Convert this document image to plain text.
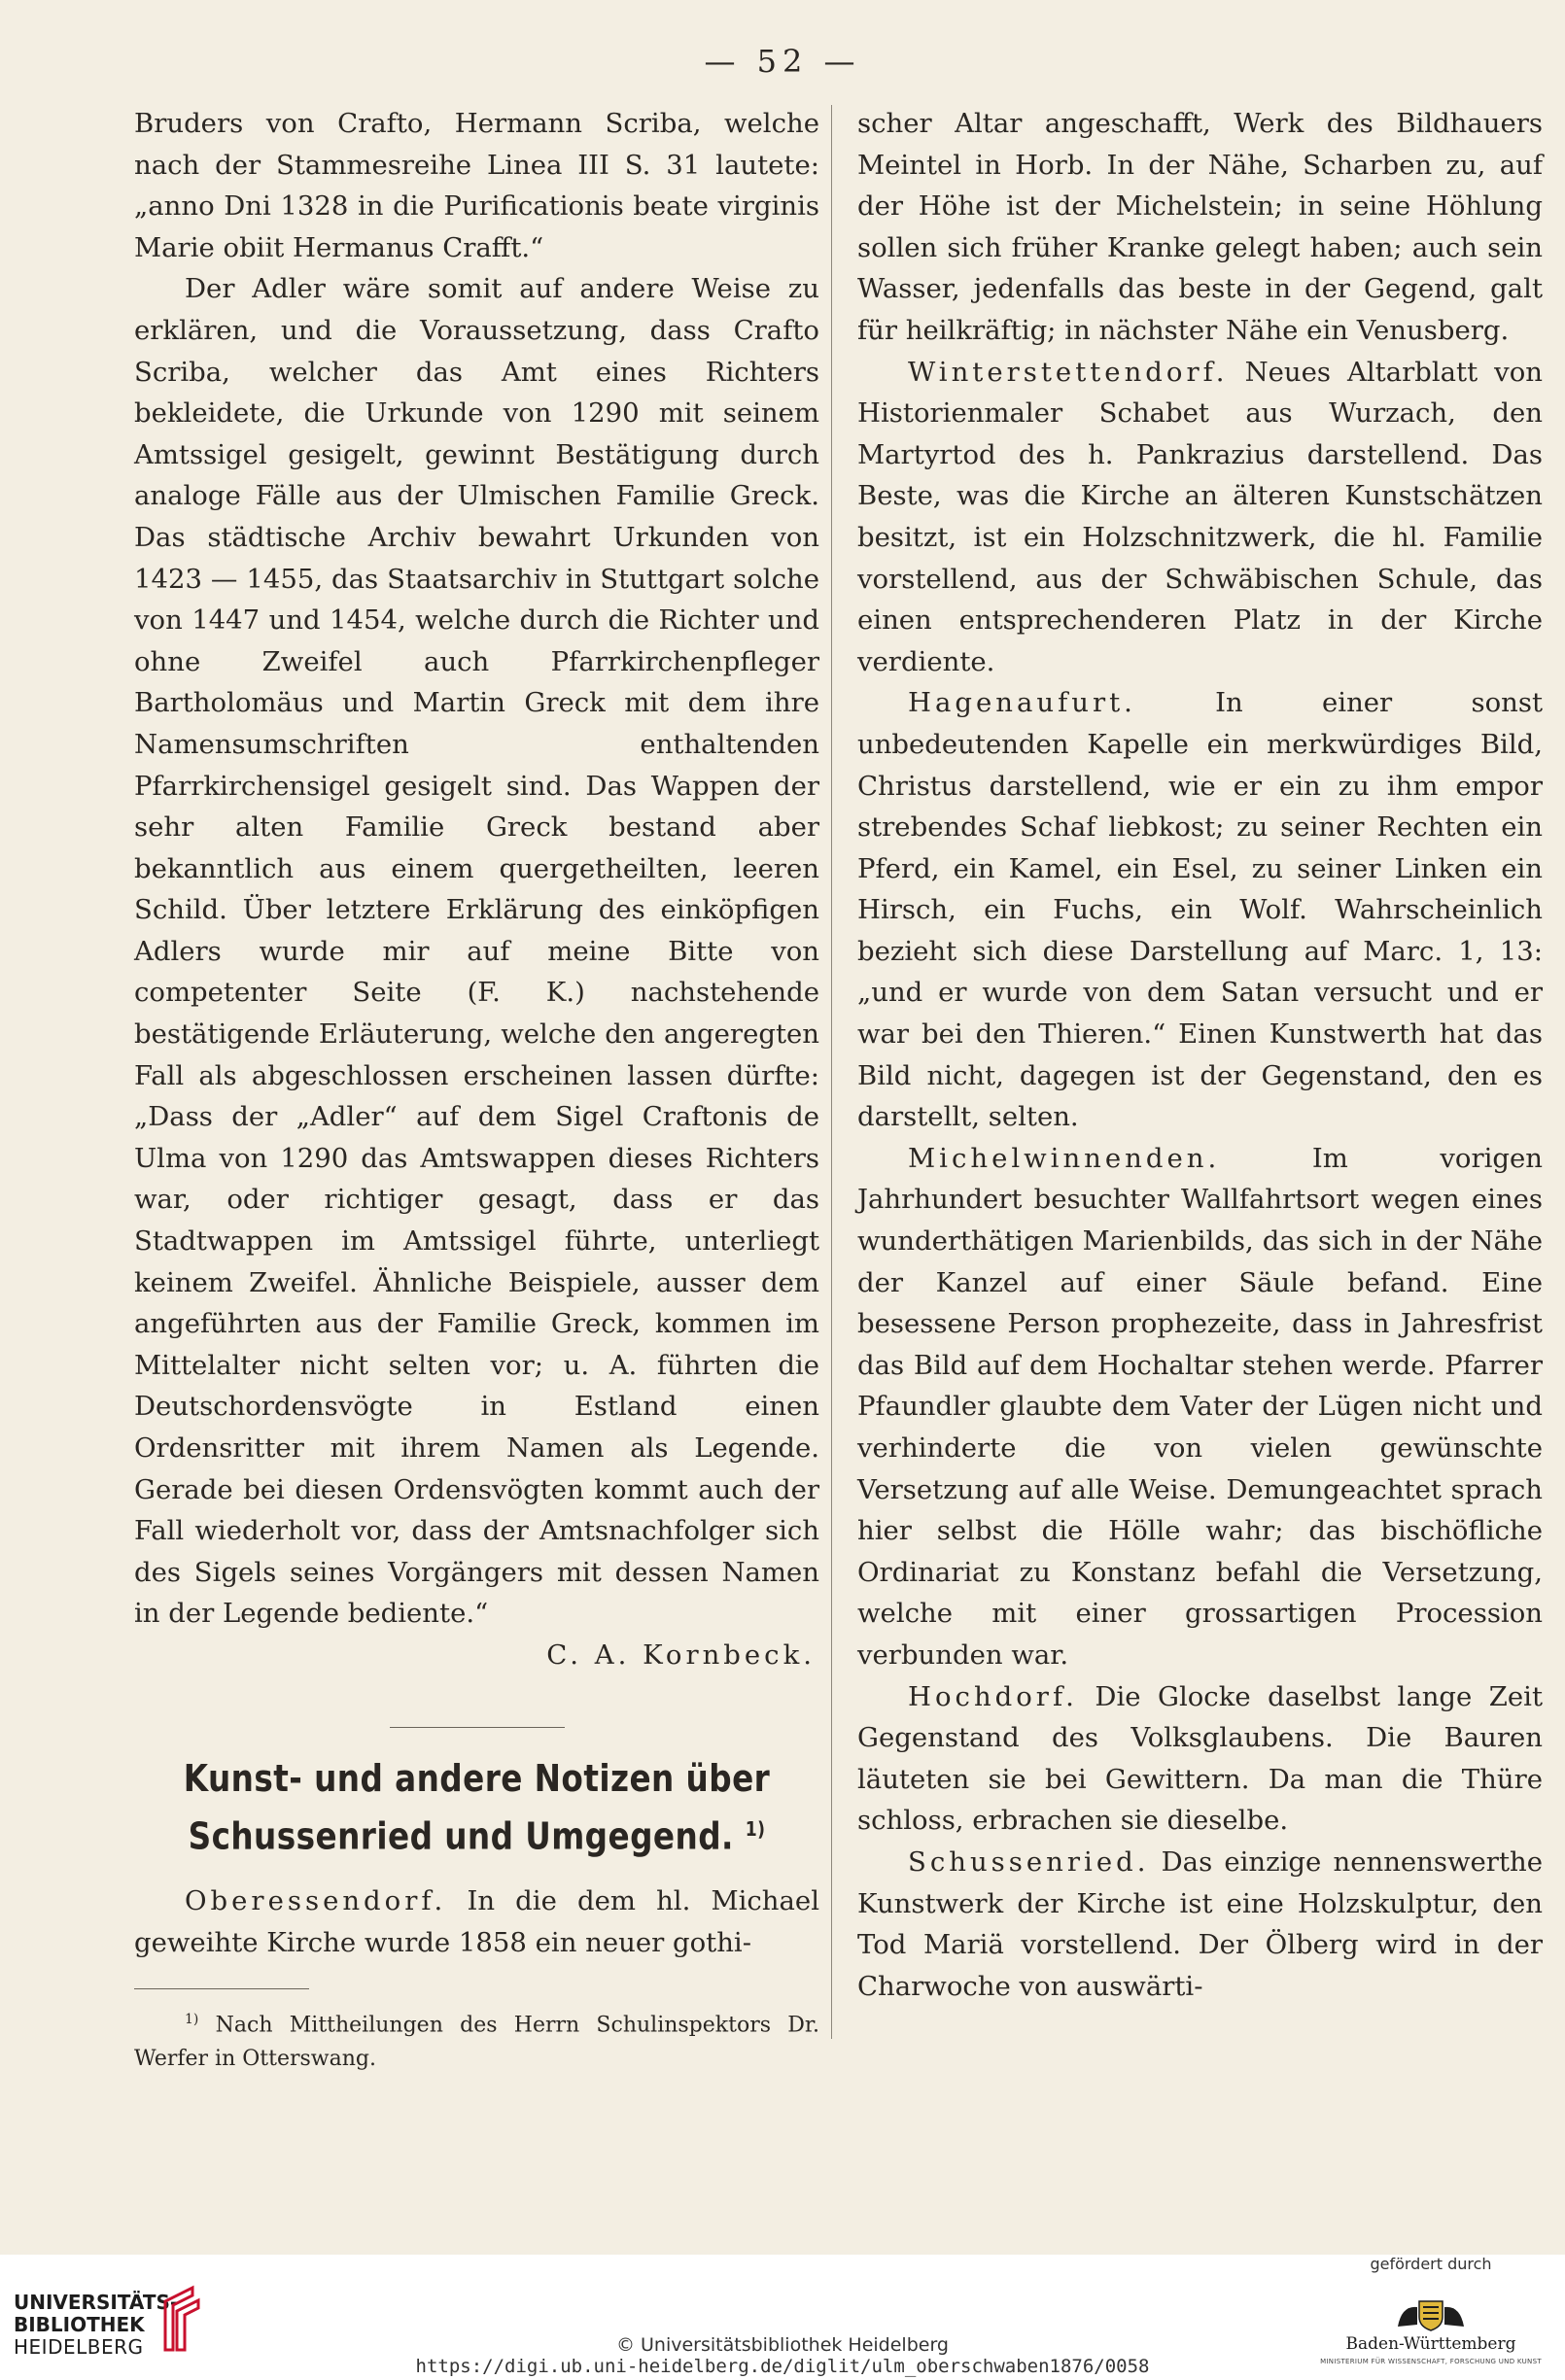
— 52 —

Bruders von Crafto, Hermann Scriba, welche nach der Stammesreihe Linea III S. 31 lautete: „anno Dni 1328 in die Purificationis beate virginis Marie obiit Hermanus Crafft.“

Der Adler wäre somit auf andere Weise zu erklären, und die Voraussetzung, dass Crafto Scriba, welcher das Amt eines Richters bekleidete, die Urkunde von 1290 mit seinem Amtssigel gesigelt, gewinnt Bestätigung durch analoge Fälle aus der Ulmischen Familie Greck. Das städtische Archiv bewahrt Urkunden von 1423 — 1455, das Staatsarchiv in Stuttgart solche von 1447 und 1454, welche durch die Richter und ohne Zweifel auch Pfarrkirchenpfleger Bartholomäus und Martin Greck mit dem ihre Namensumschriften enthaltenden Pfarrkirchensigel gesigelt sind. Das Wappen der sehr alten Familie Greck bestand aber bekanntlich aus einem quergetheilten, leeren Schild. Über letztere Erklärung des einköpfigen Adlers wurde mir auf meine Bitte von competenter Seite (F. K.) nachstehende bestätigende Erläuterung, welche den angeregten Fall als abgeschlossen erscheinen lassen dürfte: „Dass der „Adler“ auf dem Sigel Craftonis de Ulma von 1290 das Amtswappen dieses Richters war, oder richtiger gesagt, dass er das Stadtwappen im Amtssigel führte, unterliegt keinem Zweifel. Ähnliche Beispiele, ausser dem angeführten aus der Familie Greck, kommen im Mittelalter nicht selten vor; u. A. führten die Deutschordensvögte in Estland einen Ordensritter mit ihrem Namen als Legende. Gerade bei diesen Ordensvögten kommt auch der Fall wiederholt vor, dass der Amtsnachfolger sich des Sigels seines Vorgängers mit dessen Namen in der Legende bediente.“

C. A. Kornbeck.

Kunst- und andere Notizen über Schussenried und Umgegend. $^{1)}$

Oberessendorf. In die dem hl. Michael geweihte Kirche wurde 1858 ein neuer gothi-

$^{1)}$ Nach Mittheilungen des Herrn Schulinspektors Dr. Werfer in Otterswang.

scher Altar angeschafft, Werk des Bildhauers Meintel in Horb. In der Nähe, Scharben zu, auf der Höhe ist der Michelstein; in seine Höhlung sollen sich früher Kranke gelegt haben; auch sein Wasser, jedenfalls das beste in der Gegend, galt für heilkräftig; in nächster Nähe ein Venusberg.

Winterstettendorf. Neues Altarblatt von Historienmaler Schabet aus Wurzach, den Martyrtod des h. Pankrazius darstellend. Das Beste, was die Kirche an älteren Kunstschätzen besitzt, ist ein Holzschnitzwerk, die hl. Familie vorstellend, aus der Schwäbischen Schule, das einen entsprechenderen Platz in der Kirche verdiente.

Hagenaufurt.	In einer sonst unbedeutenden Kapelle ein merkwürdiges Bild, Christus darstellend, wie er ein zu ihm empor strebendes Schaf liebkost; zu seiner Rechten ein Pferd, ein Kamel, ein Esel, zu seiner Linken ein Hirsch, ein Fuchs, ein Wolf. Wahrscheinlich bezieht sich diese Darstellung auf Marc. 1, 13: „und er wurde von dem Satan versucht und er war bei den Thieren.“ Einen Kunstwerth hat das Bild nicht, dagegen ist der Gegenstand, den es darstellt, selten.

Michelwinnenden.	Im vorigen Jahrhundert besuchter Wallfahrtsort wegen eines wunderthätigen Marienbilds, das sich in der Nähe der Kanzel auf einer Säule befand. Eine besessene Person prophezeite, dass in Jahresfrist das Bild auf dem Hochaltar stehen werde. Pfarrer Pfaundler glaubte dem Vater der Lügen nicht und verhinderte die von vielen gewünschte Versetzung auf alle Weise. Demungeachtet sprach hier selbst die Hölle wahr; das bischöfliche Ordinariat zu Konstanz befahl die Versetzung, welche mit einer grossartigen Procession verbunden war.

Hochdorf. Die Glocke daselbst lange Zeit Gegenstand des Volksglaubens. Die Bauren läuteten sie bei Gewittern. Da man die Thüre schloss, erbrachen sie dieselbe.

Schussenried. Das einzige nennenswerthe Kunstwerk der Kirche ist eine Holzskulptur, den Tod Mariä vorstellend. Der Ölberg wird in der Charwoche von auswärti-

UNIVERSITÄTS-
BIBLIOTHEK
HEIDELBERG	© Universitätsbibliothek Heidelberg
https://digi.ub.uni-heidelberg.de/diglit/ulm_oberschwaben1876/0058
gefördert durch
Baden-Württemberg
MINISTERIUM FÜR WISSENSCHAFT, FORSCHUNG UND KUNST
